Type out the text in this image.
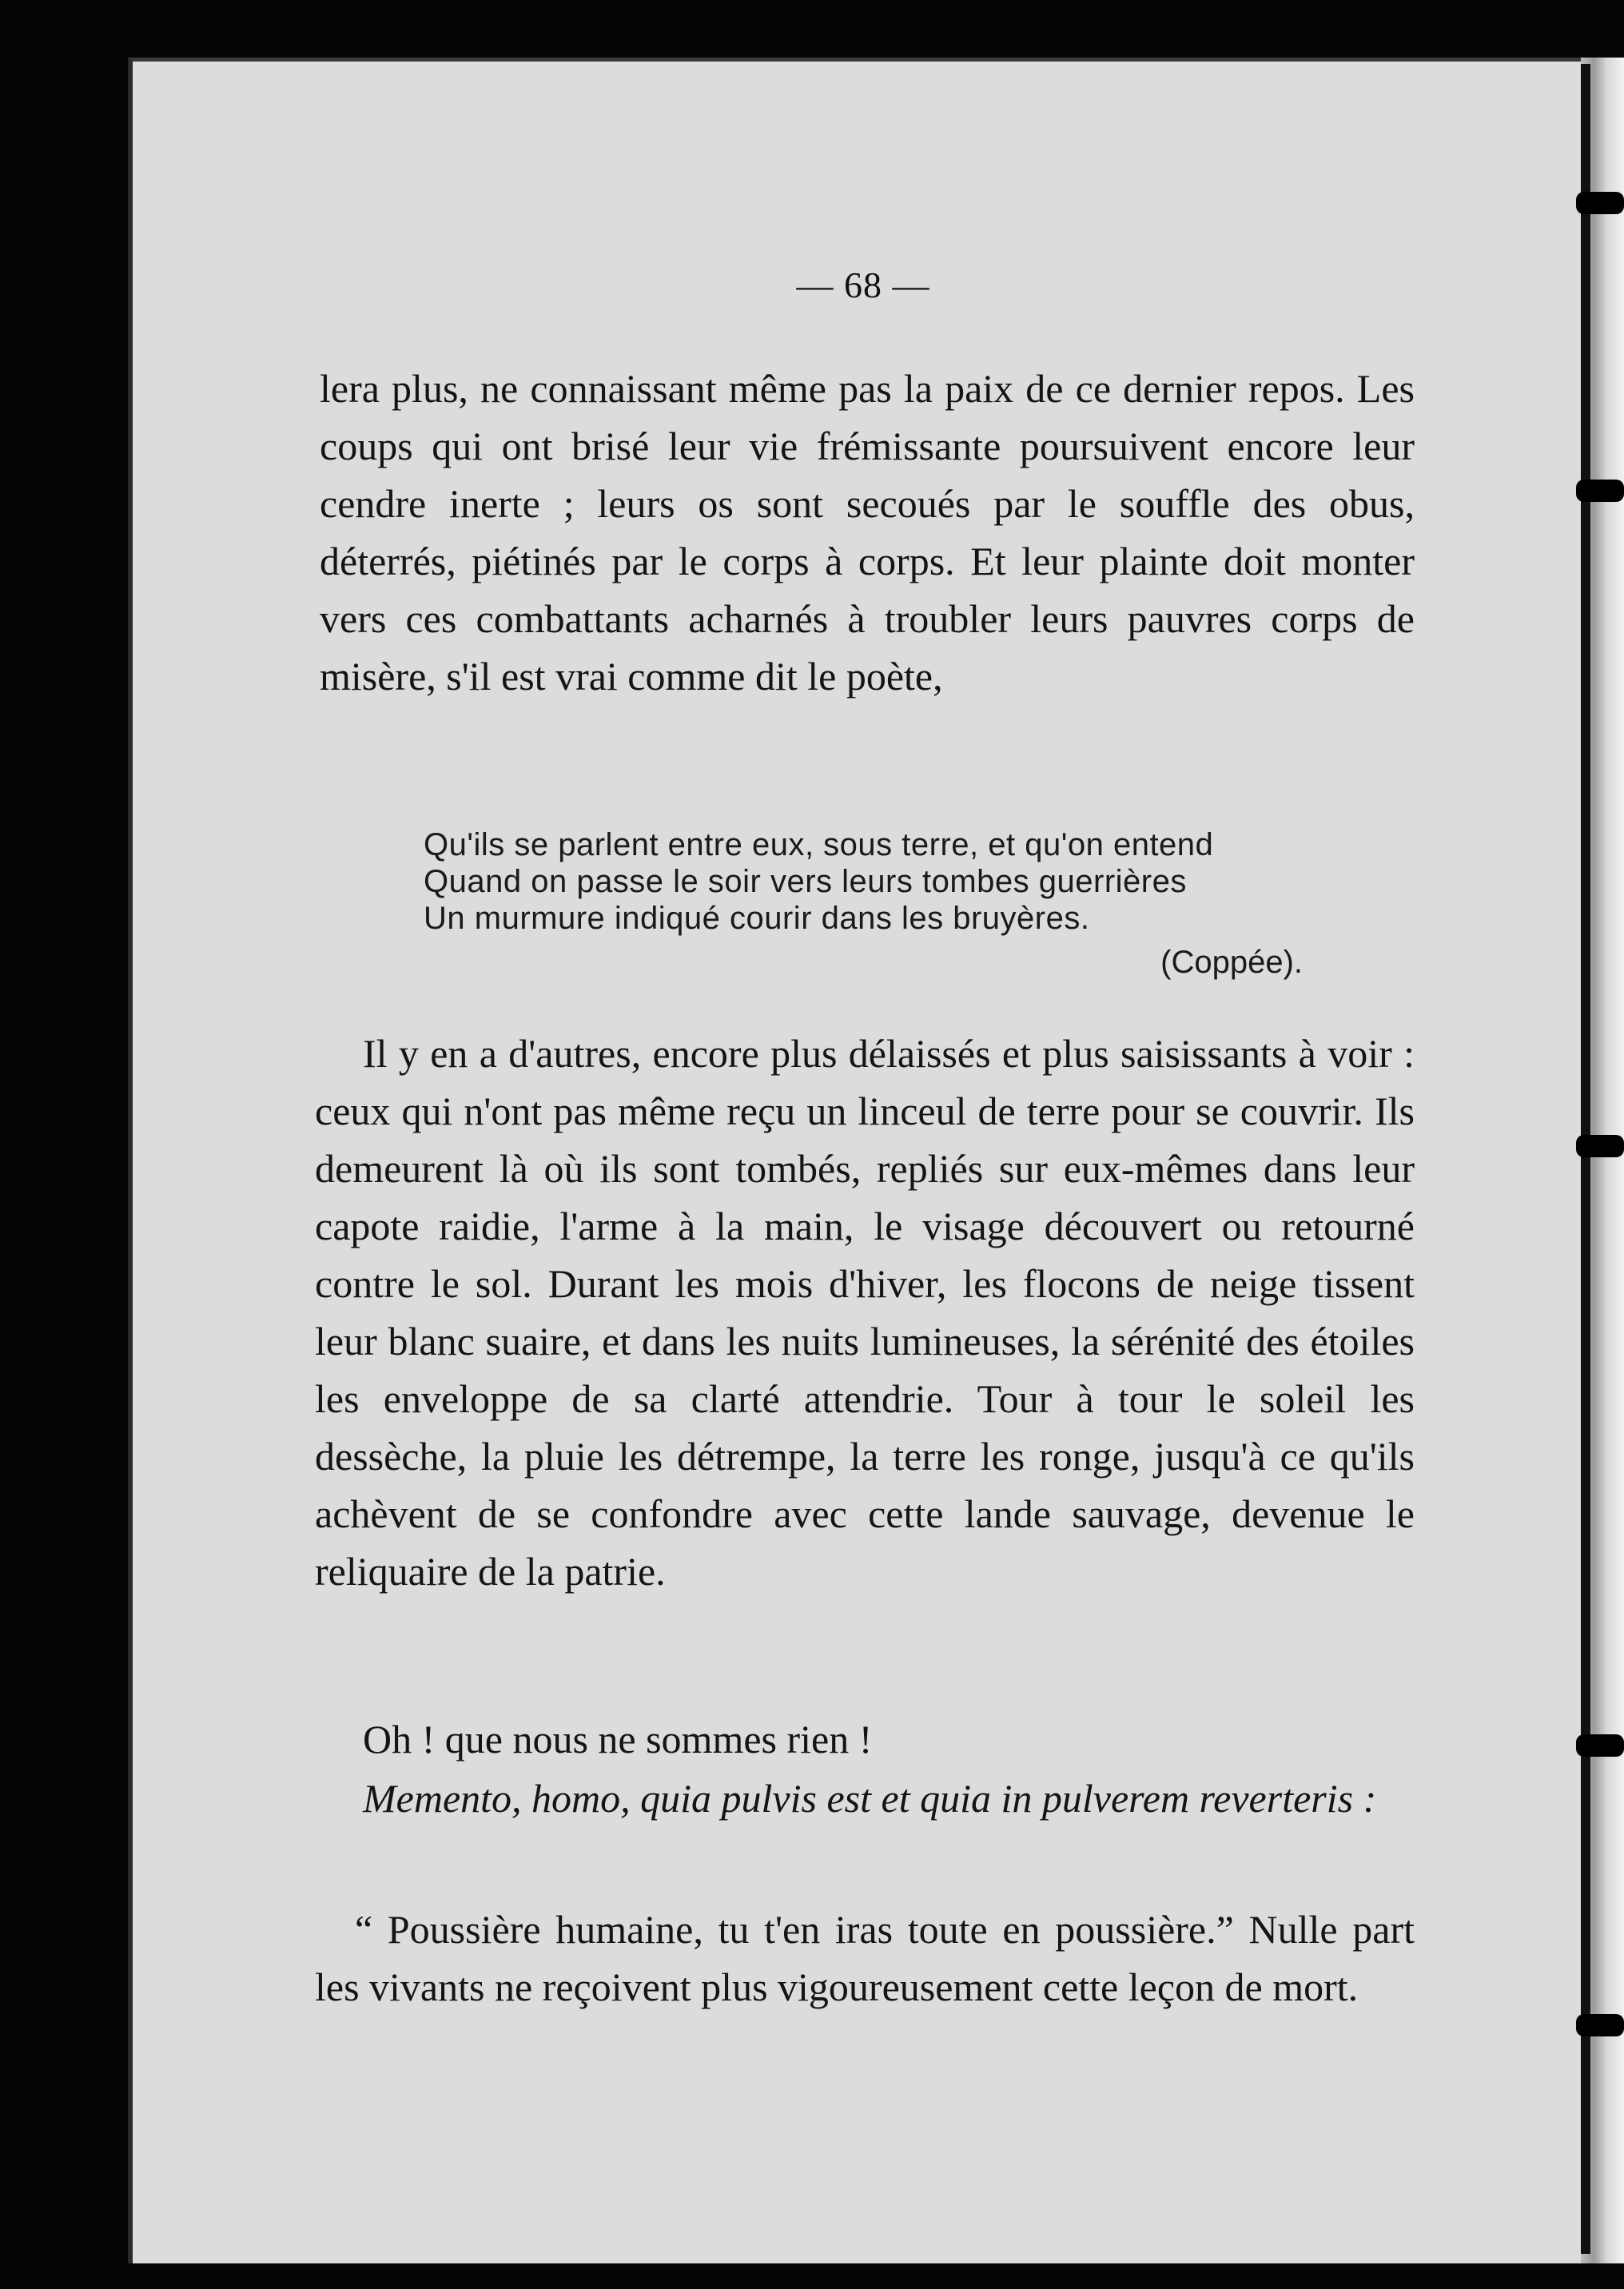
— 68 —

lera plus, ne connaissant même pas la paix de ce dernier repos. Les coups qui ont brisé leur vie frémissante poursuivent encore leur cendre inerte ; leurs os sont secoués par le souffle des obus, déterrés, piétinés par le corps à corps. Et leur plainte doit monter vers ces combattants acharnés à troubler leurs pauvres corps de misère, s'il est vrai comme dit le poète,

Qu'ils se parlent entre eux, sous terre, et qu'on entend
Quand on passe le soir vers leurs tombes guerrières
Un murmure indiqué courir dans les bruyères.
(Coppée).

Il y en a d'autres, encore plus délaissés et plus saisissants à voir : ceux qui n'ont pas même reçu un linceul de terre pour se couvrir. Ils demeurent là où ils sont tombés, repliés sur eux-mêmes dans leur capote raidie, l'arme à la main, le visage découvert ou retourné contre le sol. Durant les mois d'hiver, les flocons de neige tissent leur blanc suaire, et dans les nuits lumineuses, la sérénité des étoiles les enveloppe de sa clarté attendrie. Tour à tour le soleil les dessèche, la pluie les détrempe, la terre les ronge, jusqu'à ce qu'ils achèvent de se confondre avec cette lande sauvage, devenue le reliquaire de la patrie.

Oh ! que nous ne sommes rien !

Memento, homo, quia pulvis est et quia in pulverem reverteris :

“ Poussière humaine, tu t'en iras toute en poussière.” Nulle part les vivants ne reçoivent plus vigoureusement cette leçon de mort.
